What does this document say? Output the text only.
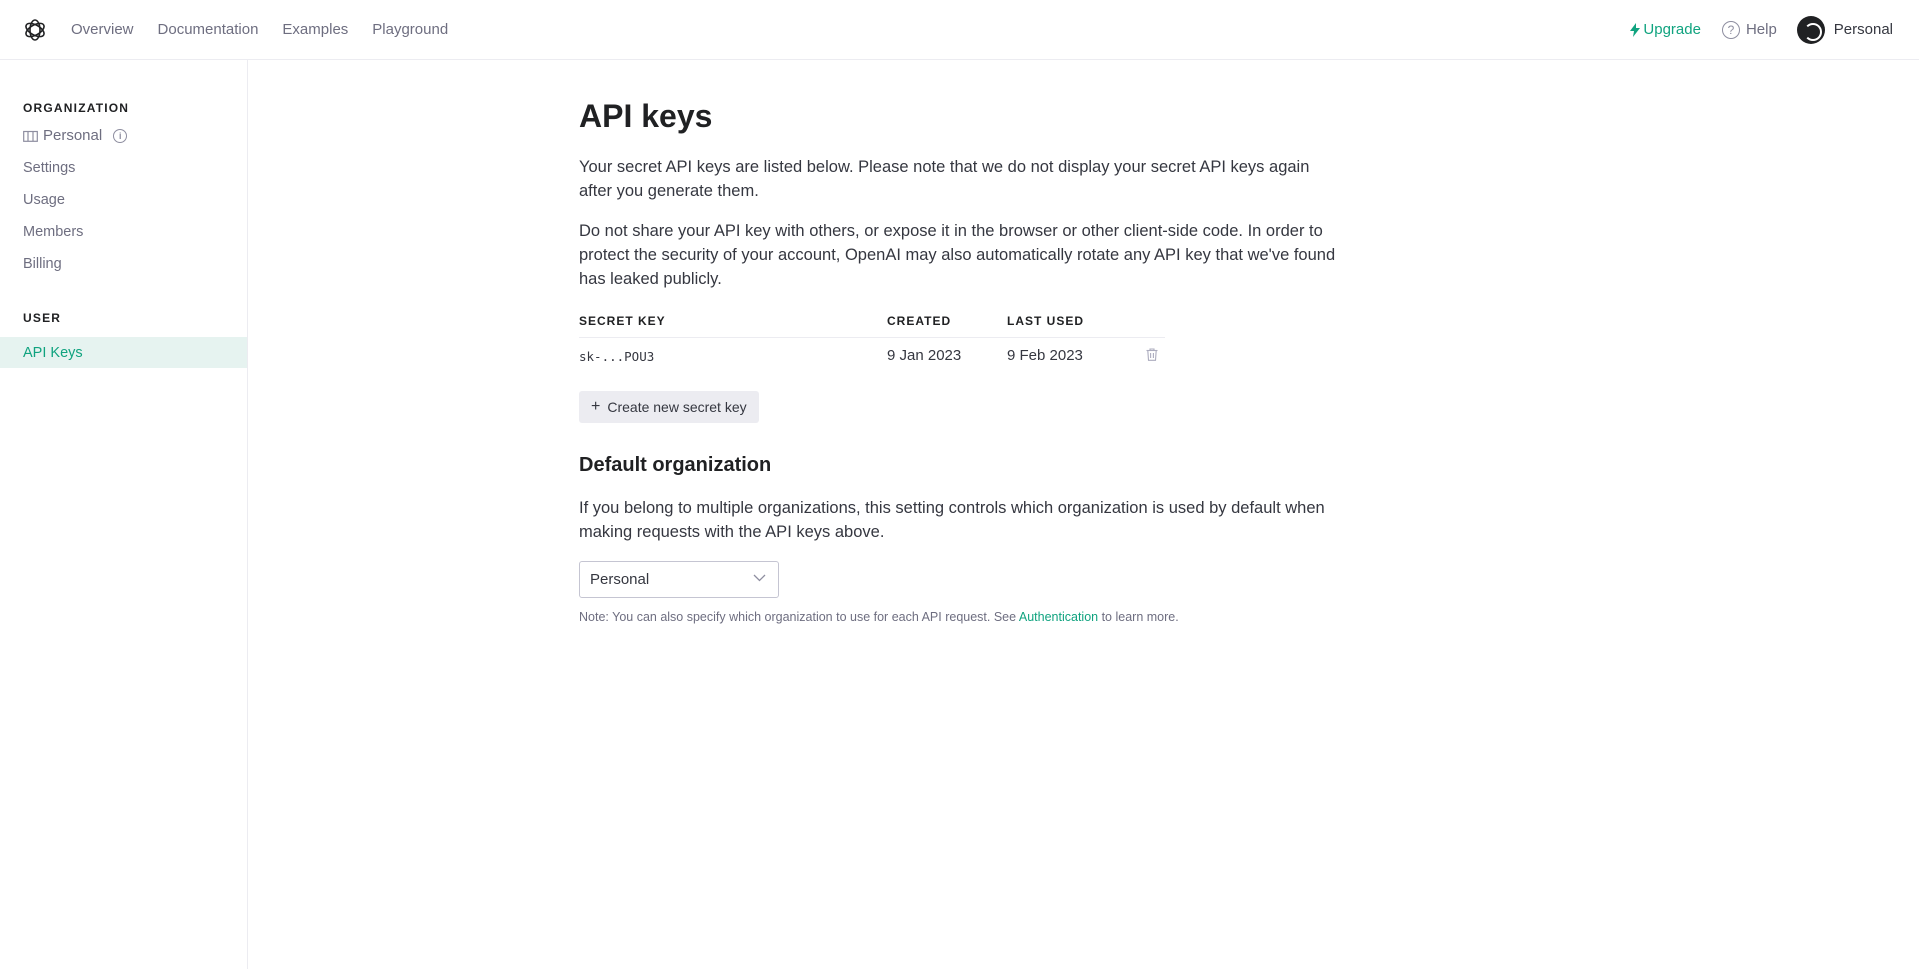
Overview Documentation Examples Playground	Upgrade	? Help	Personal
ORGANIZATION
Personal	i
Settings
Usage
Members
Billing
USER
API Keys
API keys

Your secret API keys are listed below. Please note that we do not display your secret API keys again after you generate them.

Do not share your API key with others, or expose it in the browser or other client-side code. In order to protect the security of your account, OpenAI may also automatically rotate any API key that we've found has leaked publicly.

SECRET KEY	CREATED	LAST USED
sk-...POU3	9 Jan 2023	9 Feb 2023
+ Create new secret key
Default organization

If you belong to multiple organizations, this setting controls which organization is used by default when making requests with the API keys above.

Personal

Note: You can also specify which organization to use for each API request. See Authentication to learn more.
